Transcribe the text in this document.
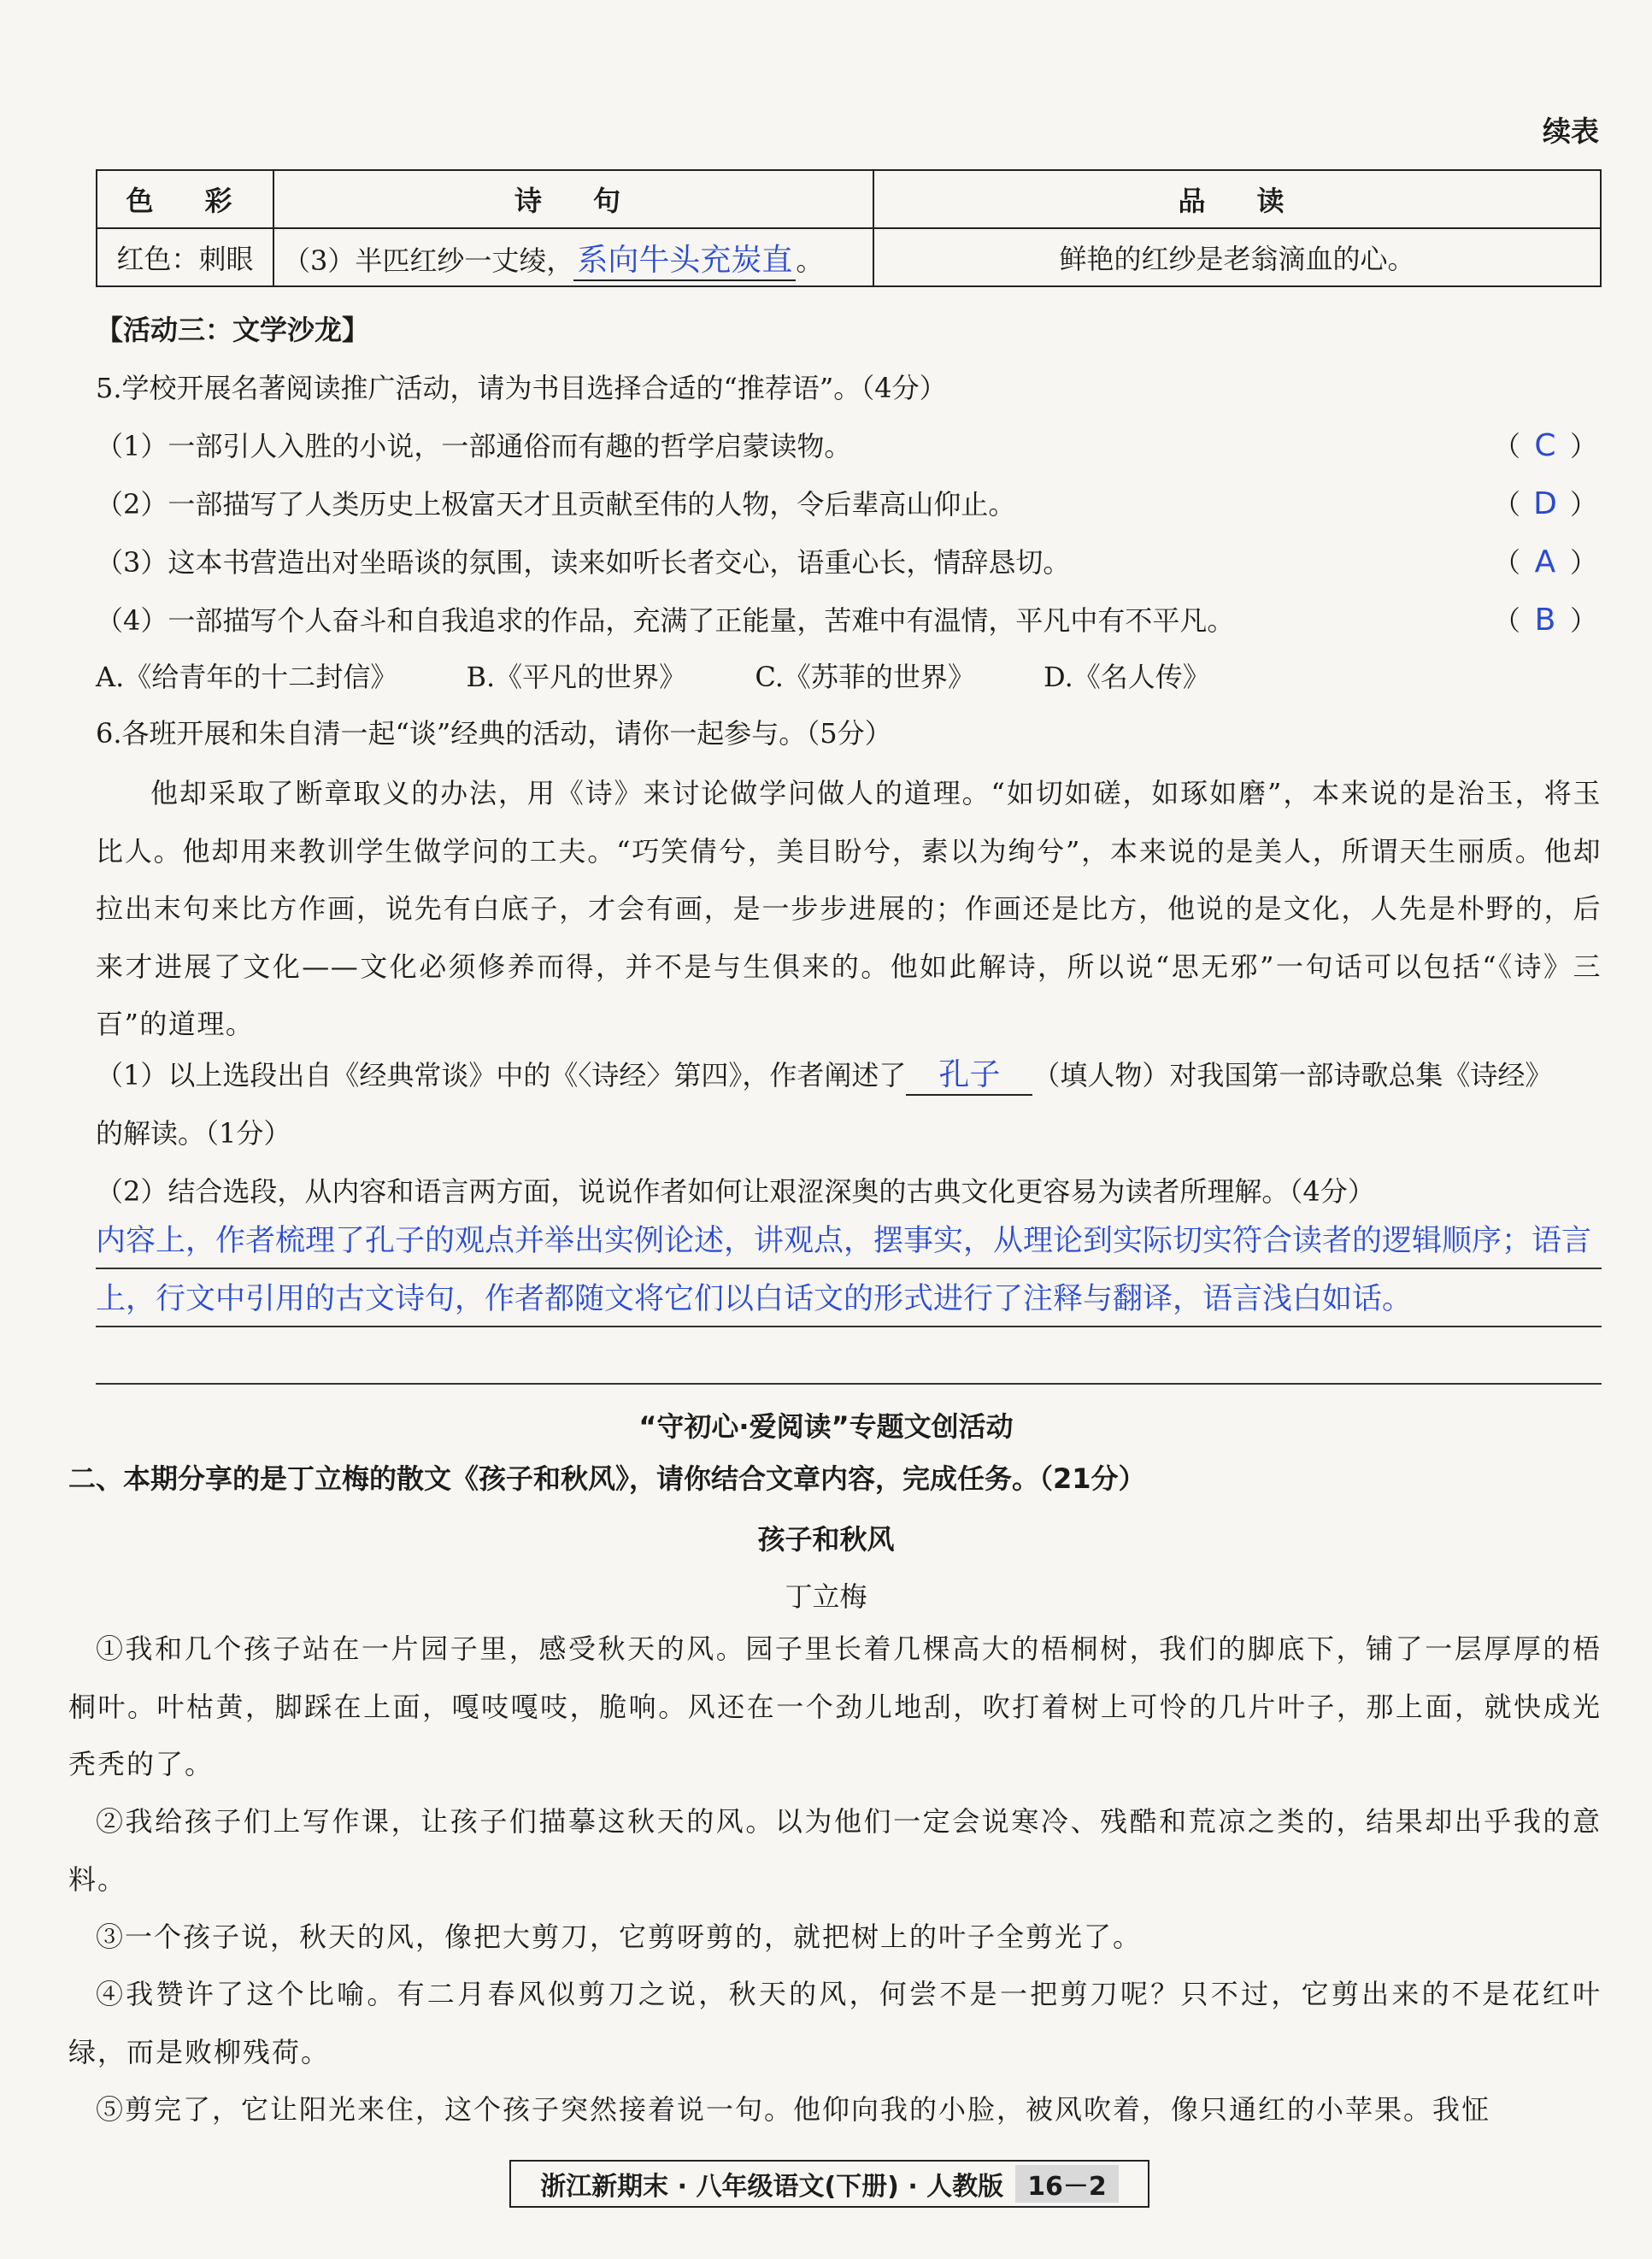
续表
色　彩	诗　句	品　读
红色：刺眼	（3）半匹红纱一丈绫， 系向牛头充炭直 。	鲜艳的红纱是老翁滴血的心。
【活动三：文学沙龙】
5.学校开展名著阅读推广活动，请为书目选择合适的“推荐语”。（4分）
（1）一部引人入胜的小说，一部通俗而有趣的哲学启蒙读物。	（ C ）
（2）一部描写了人类历史上极富天才且贡献至伟的人物，令后辈高山仰止。	（ D ）
（3）这本书营造出对坐晤谈的氛围，读来如听长者交心，语重心长，情辞恳切。	（ A ）
（4）一部描写个人奋斗和自我追求的作品，充满了正能量，苦难中有温情，平凡中有不平凡。	（ B ）
A.《给青年的十二封信》	B.《平凡的世界》	C.《苏菲的世界》	D.《名人传》
6.各班开展和朱自清一起“谈”经典的活动，请你一起参与。（5分）
他却采取了断章取义的办法，用《诗》来讨论做学问做人的道理。“如切如磋，如琢如磨”，本来说的是治玉，将玉比人。他却用来教训学生做学问的工夫。“巧笑倩兮，美目盼兮，素以为绚兮”，本来说的是美人，所谓天生丽质。他却拉出末句来比方作画，说先有白底子，才会有画，是一步步进展的；作画还是比方，他说的是文化，人先是朴野的，后来才进展了文化——文化必须修养而得，并不是与生俱来的。他如此解诗，所以说“思无邪”一句话可以包括“《诗》三百”的道理。
（1）以上选段出自《经典常谈》中的《〈诗经〉第四》，作者阐述了 孔子 （填人物）对我国第一部诗歌总集《诗经》
的解读。（1分）
（2）结合选段，从内容和语言两方面，说说作者如何让艰涩深奥的古典文化更容易为读者所理解。（4分）
内容上，作者梳理了孔子的观点并举出实例论述，讲观点，摆事实，从理论到实际切实符合读者的逻辑顺序；语言上，行文中引用的古文诗句，作者都随文将它们以白话文的形式进行了注释与翻译，语言浅白如话。
“守初心·爱阅读”专题文创活动
二、本期分享的是丁立梅的散文《孩子和秋风》，请你结合文章内容，完成任务。（21分）
孩子和秋风
丁立梅
①我和几个孩子站在一片园子里，感受秋天的风。园子里长着几棵高大的梧桐树，我们的脚底下，铺了一层厚厚的梧桐叶。叶枯黄，脚踩在上面，嘎吱嘎吱，脆响。风还在一个劲儿地刮，吹打着树上可怜的几片叶子，那上面，就快成光秃秃的了。
②我给孩子们上写作课，让孩子们描摹这秋天的风。以为他们一定会说寒冷、残酷和荒凉之类的，结果却出乎我的意料。
③一个孩子说，秋天的风，像把大剪刀，它剪呀剪的，就把树上的叶子全剪光了。
④我赞许了这个比喻。有二月春风似剪刀之说，秋天的风，何尝不是一把剪刀呢？只不过，它剪出来的不是花红叶绿，而是败柳残荷。
⑤剪完了，它让阳光来住，这个孩子突然接着说一句。他仰向我的小脸，被风吹着，像只通红的小苹果。我怔
浙江新期末 · 八年级语文(下册) · 人教版 16－2
